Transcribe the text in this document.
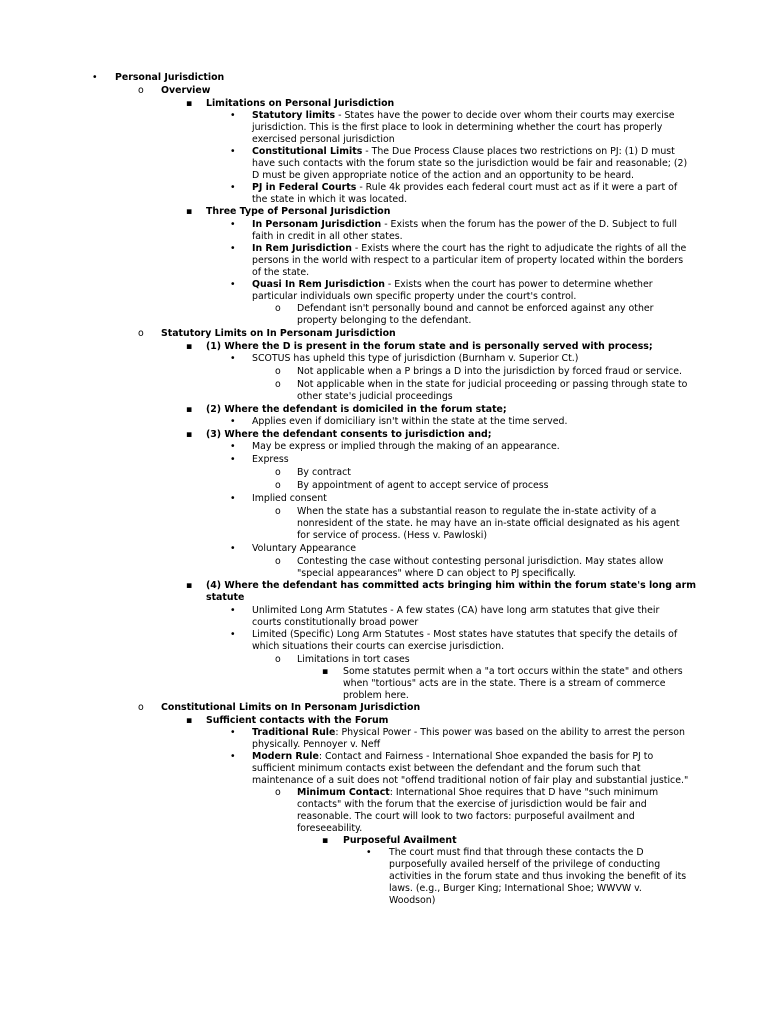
• Personal Jurisdiction
o Overview
▪ Limitations on Personal Jurisdiction
• Statutory limits - States have the power to decide over whom their courts may exercise
jurisdiction. This is the first place to look in determining whether the court has properly
exercised personal jurisdiction
• Constitutional Limits - The Due Process Clause places two restrictions on PJ: (1) D must
have such contacts with the forum state so the jurisdiction would be fair and reasonable; (2)
D must be given appropriate notice of the action and an opportunity to be heard.
• PJ in Federal Courts - Rule 4k provides each federal court must act as if it were a part of
the state in which it was located.
▪ Three Type of Personal Jurisdiction
• In Personam Jurisdiction - Exists when the forum has the power of the D. Subject to full
faith in credit in all other states.
• In Rem Jurisdiction - Exists where the court has the right to adjudicate the rights of all the
persons in the world with respect to a particular item of property located within the borders
of the state.
• Quasi In Rem Jurisdiction - Exists when the court has power to determine whether
particular individuals own specific property under the court's control.
o Defendant isn't personally bound and cannot be enforced against any other
property belonging to the defendant.
o Statutory Limits on In Personam Jurisdiction
▪ (1) Where the D is present in the forum state and is personally served with process;
• SCOTUS has upheld this type of jurisdiction (Burnham v. Superior Ct.)
o Not applicable when a P brings a D into the jurisdiction by forced fraud or service.
o Not applicable when in the state for judicial proceeding or passing through state to
other state's judicial proceedings
▪ (2) Where the defendant is domiciled in the forum state;
• Applies even if domiciliary isn't within the state at the time served.
▪ (3) Where the defendant consents to jurisdiction and;
• May be express or implied through the making of an appearance.
• Express
o By contract
o By appointment of agent to accept service of process
• Implied consent
o When the state has a substantial reason to regulate the in-state activity of a
nonresident of the state. he may have an in-state official designated as his agent
for service of process. (Hess v. Pawloski)
• Voluntary Appearance
o Contesting the case without contesting personal jurisdiction. May states allow
"special appearances" where D can object to PJ specifically.
▪ (4) Where the defendant has committed acts bringing him within the forum state's long arm
statute
• Unlimited Long Arm Statutes - A few states (CA) have long arm statutes that give their
courts constitutionally broad power
• Limited (Specific) Long Arm Statutes - Most states have statutes that specify the details of
which situations their courts can exercise jurisdiction.
o Limitations in tort cases
▪ Some statutes permit when a "a tort occurs within the state" and others
when "tortious" acts are in the state. There is a stream of commerce
problem here.
o Constitutional Limits on In Personam Jurisdiction
▪ Sufficient contacts with the Forum
• Traditional Rule: Physical Power - This power was based on the ability to arrest the person
physically. Pennoyer v. Neff
• Modern Rule: Contact and Fairness - International Shoe expanded the basis for PJ to
sufficient minimum contacts exist between the defendant and the forum such that
maintenance of a suit does not "offend traditional notion of fair play and substantial justice."
o Minimum Contact: International Shoe requires that D have "such minimum
contacts" with the forum that the exercise of jurisdiction would be fair and
reasonable. The court will look to two factors: purposeful availment and
foreseeability.
▪ Purposeful Availment
• The court must find that through these contacts the D
purposefully availed herself of the privilege of conducting
activities in the forum state and thus invoking the benefit of its
laws. (e.g., Burger King; International Shoe; WWVW v.
Woodson)
